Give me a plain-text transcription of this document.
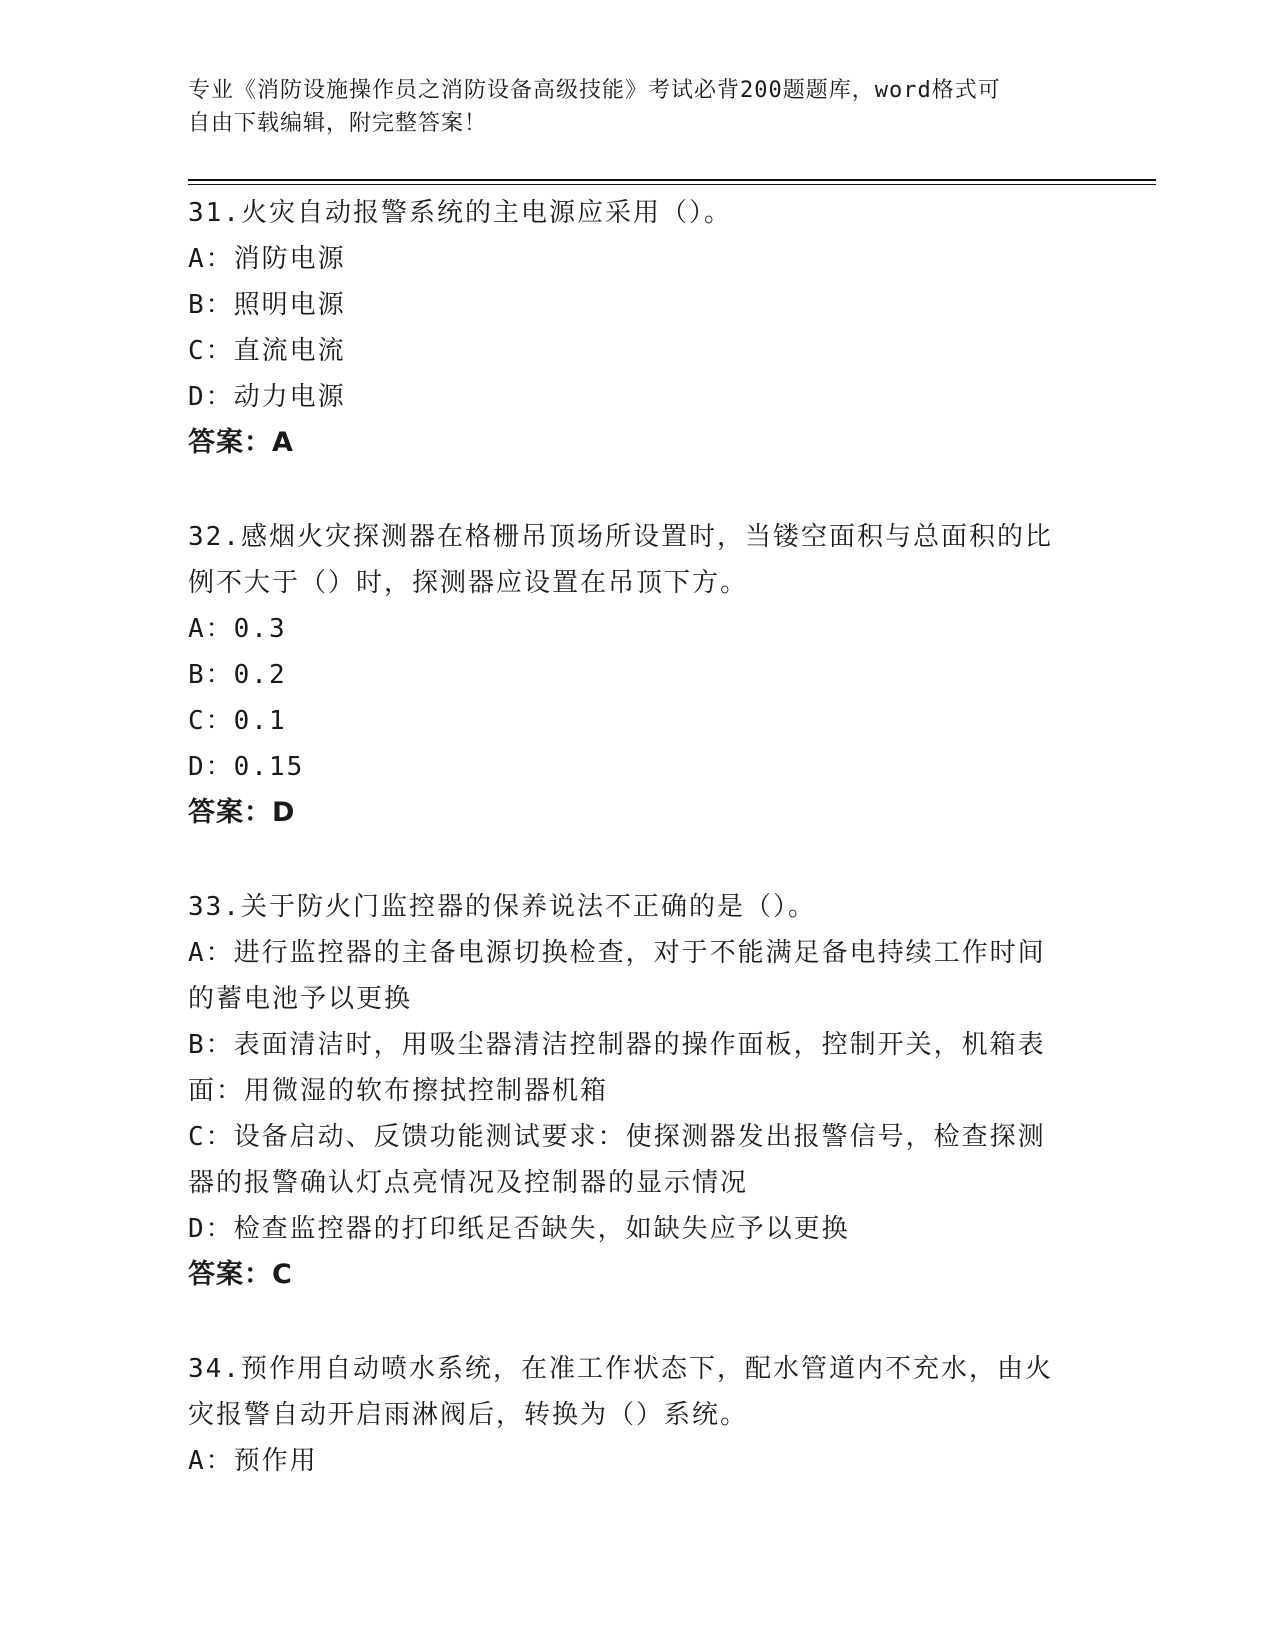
专业《消防设施操作员之消防设备高级技能》考试必背200题题库，word格式可
自由下载编辑，附完整答案！
31.火灾自动报警系统的主电源应采用（）。
A：消防电源
B：照明电源
C：直流电流
D：动力电源
答案：A
32.感烟火灾探测器在格栅吊顶场所设置时，当镂空面积与总面积的比
例不大于（）时，探测器应设置在吊顶下方。
A：0.3
B：0.2
C：0.1
D：0.15
答案：D
33.关于防火门监控器的保养说法不正确的是（）。
A：进行监控器的主备电源切换检查，对于不能满足备电持续工作时间
的蓄电池予以更换
B：表面清洁时，用吸尘器清洁控制器的操作面板，控制开关，机箱表
面：用微湿的软布擦拭控制器机箱
C：设备启动、反馈功能测试要求：使探测器发出报警信号，检查探测
器的报警确认灯点亮情况及控制器的显示情况
D：检查监控器的打印纸足否缺失，如缺失应予以更换
答案：C
34.预作用自动喷水系统，在准工作状态下，配水管道内不充水，由火
灾报警自动开启雨淋阀后，转换为（）系统。
A：预作用
